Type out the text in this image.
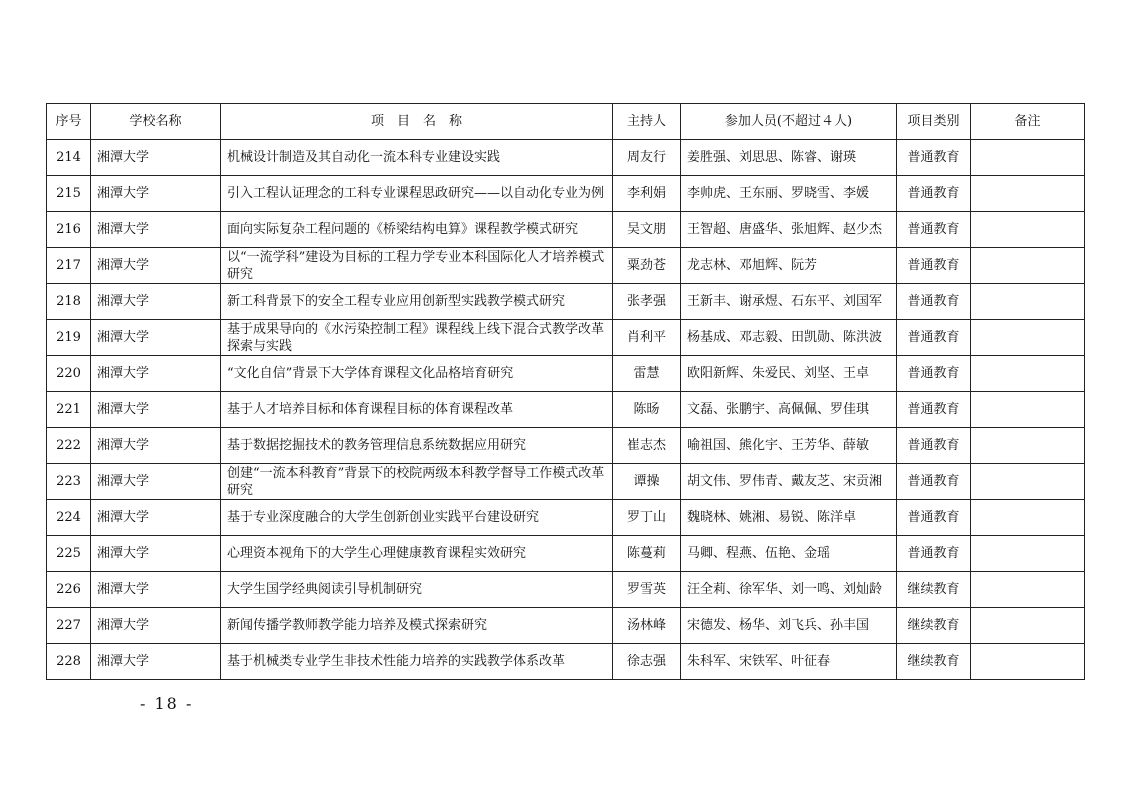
序号	学校名称	项　目　名　称	主持人	参加人员(不超过４人)	项目类别	备注
214	湘潭大学	机械设计制造及其自动化一流本科专业建设实践	周友行	姜胜强、刘思思、陈睿、谢瑛	普通教育	
215	湘潭大学	引入工程认证理念的工科专业课程思政研究——以自动化专业为例	李利娟	李帅虎、王东丽、罗晓雪、李媛	普通教育	
216	湘潭大学	面向实际复杂工程问题的《桥梁结构电算》课程教学模式研究	吴文朋	王智超、唐盛华、张旭辉、赵少杰	普通教育	
217	湘潭大学	以“一流学科”建设为目标的工程力学专业本科国际化人才培养模式研究	粟劲苍	龙志林、邓旭辉、阮芳	普通教育	
218	湘潭大学	新工科背景下的安全工程专业应用创新型实践教学模式研究	张孝强	王新丰、谢承煜、石东平、刘国军	普通教育	
219	湘潭大学	基于成果导向的《水污染控制工程》课程线上线下混合式教学改革探索与实践	肖利平	杨基成、邓志毅、田凯勋、陈洪波	普通教育	
220	湘潭大学	“文化自信”背景下大学体育课程文化品格培育研究	雷慧	欧阳新辉、朱爱民、刘坚、王卓	普通教育	
221	湘潭大学	基于人才培养目标和体育课程目标的体育课程改革	陈旸	文磊、张鹏宇、高佩佩、罗佳琪	普通教育	
222	湘潭大学	基于数据挖掘技术的教务管理信息系统数据应用研究	崔志杰	喻祖国、熊化宇、王芳华、薛敏	普通教育	
223	湘潭大学	创建“一流本科教育”背景下的校院两级本科教学督导工作模式改革研究	谭操	胡文伟、罗伟青、戴友芝、宋贡湘	普通教育	
224	湘潭大学	基于专业深度融合的大学生创新创业实践平台建设研究	罗丁山	魏晓林、姚湘、易锐、陈洋卓	普通教育	
225	湘潭大学	心理资本视角下的大学生心理健康教育课程实效研究	陈蔓莉	马卿、程燕、伍艳、金瑶	普通教育	
226	湘潭大学	大学生国学经典阅读引导机制研究	罗雪英	汪全莉、徐军华、刘一鸣、刘灿龄	继续教育	
227	湘潭大学	新闻传播学教师教学能力培养及模式探索研究	汤林峰	宋德发、杨华、刘飞兵、孙丰国	继续教育	
228	湘潭大学	基于机械类专业学生非技术性能力培养的实践教学体系改革	徐志强	朱科军、宋铁军、叶征春	继续教育	
- 18 -
